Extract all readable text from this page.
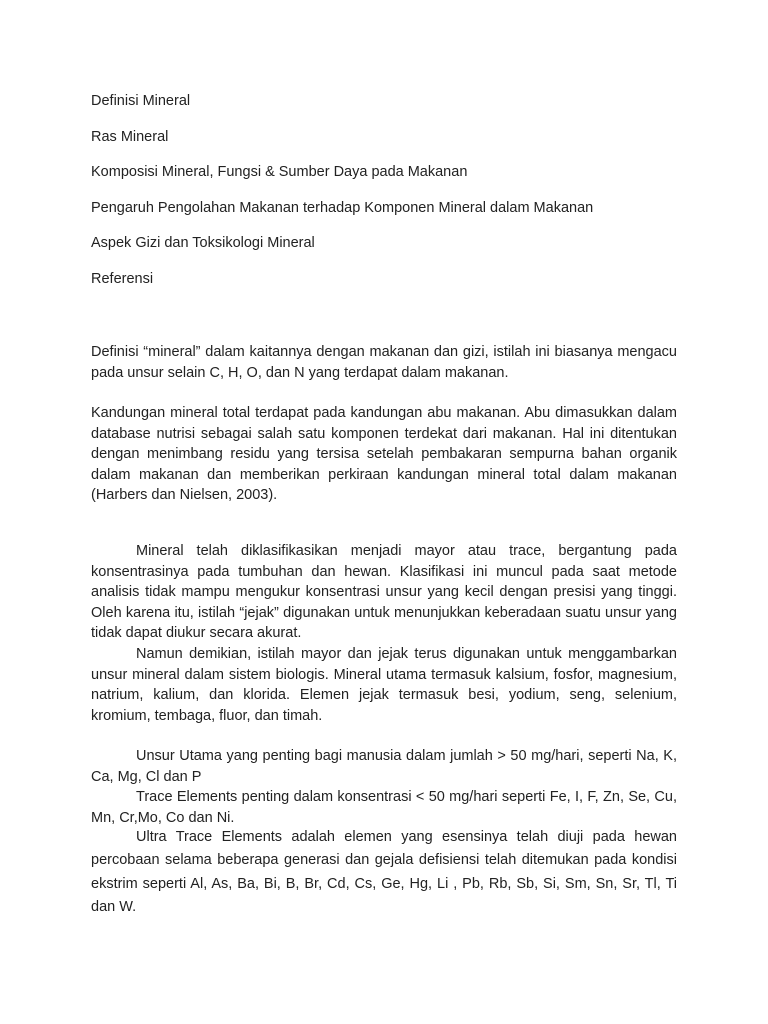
Definisi Mineral
Ras Mineral
Komposisi Mineral, Fungsi & Sumber Daya pada Makanan
Pengaruh Pengolahan Makanan terhadap Komponen Mineral dalam Makanan
Aspek Gizi dan Toksikologi Mineral
Referensi

Definisi “mineral” dalam kaitannya dengan makanan dan gizi, istilah ini biasanya mengacu pada unsur selain C, H, O, dan N yang terdapat dalam makanan.

Kandungan mineral total terdapat pada kandungan abu makanan. Abu dimasukkan dalam database nutrisi sebagai salah satu komponen terdekat dari makanan. Hal ini ditentukan dengan menimbang residu yang tersisa setelah pembakaran sempurna bahan organik dalam makanan dan memberikan perkiraan kandungan mineral total dalam makanan (Harbers dan Nielsen, 2003).

Mineral telah diklasifikasikan menjadi mayor atau trace, bergantung pada konsentrasinya pada tumbuhan dan hewan. Klasifikasi ini muncul pada saat metode analisis tidak mampu mengukur konsentrasi unsur yang kecil dengan presisi yang tinggi. Oleh karena itu, istilah “jejak” digunakan untuk menunjukkan keberadaan suatu unsur yang tidak dapat diukur secara akurat.

Namun demikian, istilah mayor dan jejak terus digunakan untuk menggambarkan unsur mineral dalam sistem biologis. Mineral utama termasuk kalsium, fosfor, magnesium, natrium, kalium, dan klorida. Elemen jejak termasuk besi, yodium, seng, selenium, kromium, tembaga, fluor, dan timah.

Unsur Utama yang penting bagi manusia dalam jumlah > 50 mg/hari, seperti Na, K, Ca, Mg, Cl dan P

Trace Elements penting dalam konsentrasi < 50 mg/hari seperti Fe, I, F, Zn, Se, Cu, Mn, Cr,Mo, Co dan Ni.

Ultra Trace Elements adalah elemen yang esensinya telah diuji pada hewan percobaan selama beberapa generasi dan gejala defisiensi telah ditemukan pada kondisi ekstrim seperti Al, As, Ba, Bi, B, Br, Cd, Cs, Ge, Hg, Li , Pb, Rb, Sb, Si, Sm, Sn, Sr, Tl, Ti dan W.
